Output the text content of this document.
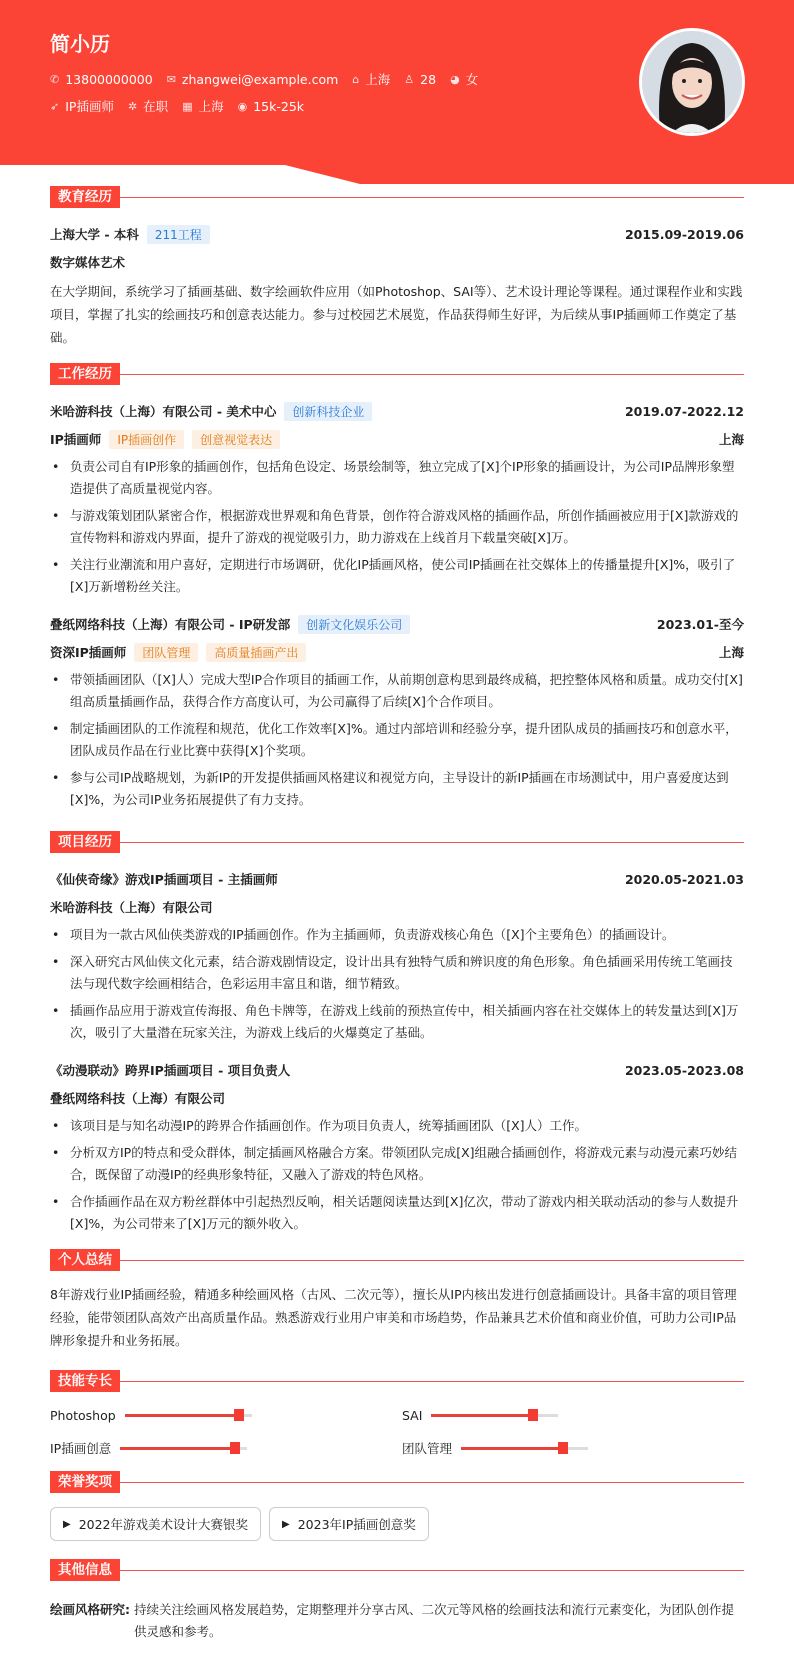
简小历
✆ 13800000000 ✉ zhangwei@example.com ⌂ 上海 ♙ 28 ◕ 女
➶ IP插画师 ✲ 在职 ▦ 上海 ◉ 15k-25k
教育经历
上海大学 - 本科	211工程	2015.09-2019.06
数字媒体艺术
在大学期间，系统学习了插画基础、数字绘画软件应用（如Photoshop、SAI等）、艺术设计理论等课程。通过课程作业和实践项目，掌握了扎实的绘画技巧和创意表达能力。参与过校园艺术展览，作品获得师生好评，为后续从事IP插画师工作奠定了基础。
工作经历
米哈游科技（上海）有限公司 - 美术中心	创新科技企业	2019.07-2022.12
IP插画师	IP插画创作	创意视觉表达	上海
• 负责公司自有IP形象的插画创作，包括角色设定、场景绘制等，独立完成了[X]个IP形象的插画设计，为公司IP品牌形象塑造提供了高质量视觉内容。
• 与游戏策划团队紧密合作，根据游戏世界观和角色背景，创作符合游戏风格的插画作品，所创作插画被应用于[X]款游戏的宣传物料和游戏内界面，提升了游戏的视觉吸引力，助力游戏在上线首月下载量突破[X]万。
• 关注行业潮流和用户喜好，定期进行市场调研，优化IP插画风格，使公司IP插画在社交媒体上的传播量提升[X]%，吸引了[X]万新增粉丝关注。
叠纸网络科技（上海）有限公司 - IP研发部	创新文化娱乐公司	2023.01-至今
资深IP插画师	团队管理	高质量插画产出	上海
• 带领插画团队（[X]人）完成大型IP合作项目的插画工作，从前期创意构思到最终成稿，把控整体风格和质量。成功交付[X]组高质量插画作品，获得合作方高度认可，为公司赢得了后续[X]个合作项目。
• 制定插画团队的工作流程和规范，优化工作效率[X]%。通过内部培训和经验分享，提升团队成员的插画技巧和创意水平，团队成员作品在行业比赛中获得[X]个奖项。
• 参与公司IP战略规划，为新IP的开发提供插画风格建议和视觉方向，主导设计的新IP插画在市场测试中，用户喜爱度达到[X]%，为公司IP业务拓展提供了有力支持。
项目经历
《仙侠奇缘》游戏IP插画项目 - 主插画师	2020.05-2021.03
米哈游科技（上海）有限公司
• 项目为一款古风仙侠类游戏的IP插画创作。作为主插画师，负责游戏核心角色（[X]个主要角色）的插画设计。
• 深入研究古风仙侠文化元素，结合游戏剧情设定，设计出具有独特气质和辨识度的角色形象。角色插画采用传统工笔画技法与现代数字绘画相结合，色彩运用丰富且和谐，细节精致。
• 插画作品应用于游戏宣传海报、角色卡牌等，在游戏上线前的预热宣传中，相关插画内容在社交媒体上的转发量达到[X]万次，吸引了大量潜在玩家关注，为游戏上线后的火爆奠定了基础。
《动漫联动》跨界IP插画项目 - 项目负责人	2023.05-2023.08
叠纸网络科技（上海）有限公司
• 该项目是与知名动漫IP的跨界合作插画创作。作为项目负责人，统筹插画团队（[X]人）工作。
• 分析双方IP的特点和受众群体，制定插画风格融合方案。带领团队完成[X]组融合插画创作，将游戏元素与动漫元素巧妙结合，既保留了动漫IP的经典形象特征，又融入了游戏的特色风格。
• 合作插画作品在双方粉丝群体中引起热烈反响，相关话题阅读量达到[X]亿次，带动了游戏内相关联动活动的参与人数提升[X]%，为公司带来了[X]万元的额外收入。
个人总结
8年游戏行业IP插画经验，精通多种绘画风格（古风、二次元等），擅长从IP内核出发进行创意插画设计。具备丰富的项目管理经验，能带领团队高效产出高质量作品。熟悉游戏行业用户审美和市场趋势，作品兼具艺术价值和商业价值，可助力公司IP品牌形象提升和业务拓展。
技能专长
Photoshop	SAI
IP插画创意	团队管理
荣誉奖项
▶ 2022年游戏美术设计大赛银奖	▶ 2023年IP插画创意奖
其他信息
绘画风格研究: 持续关注绘画风格发展趋势，定期整理并分享古风、二次元等风格的绘画技法和流行元素变化，为团队创作提供灵感和参考。
